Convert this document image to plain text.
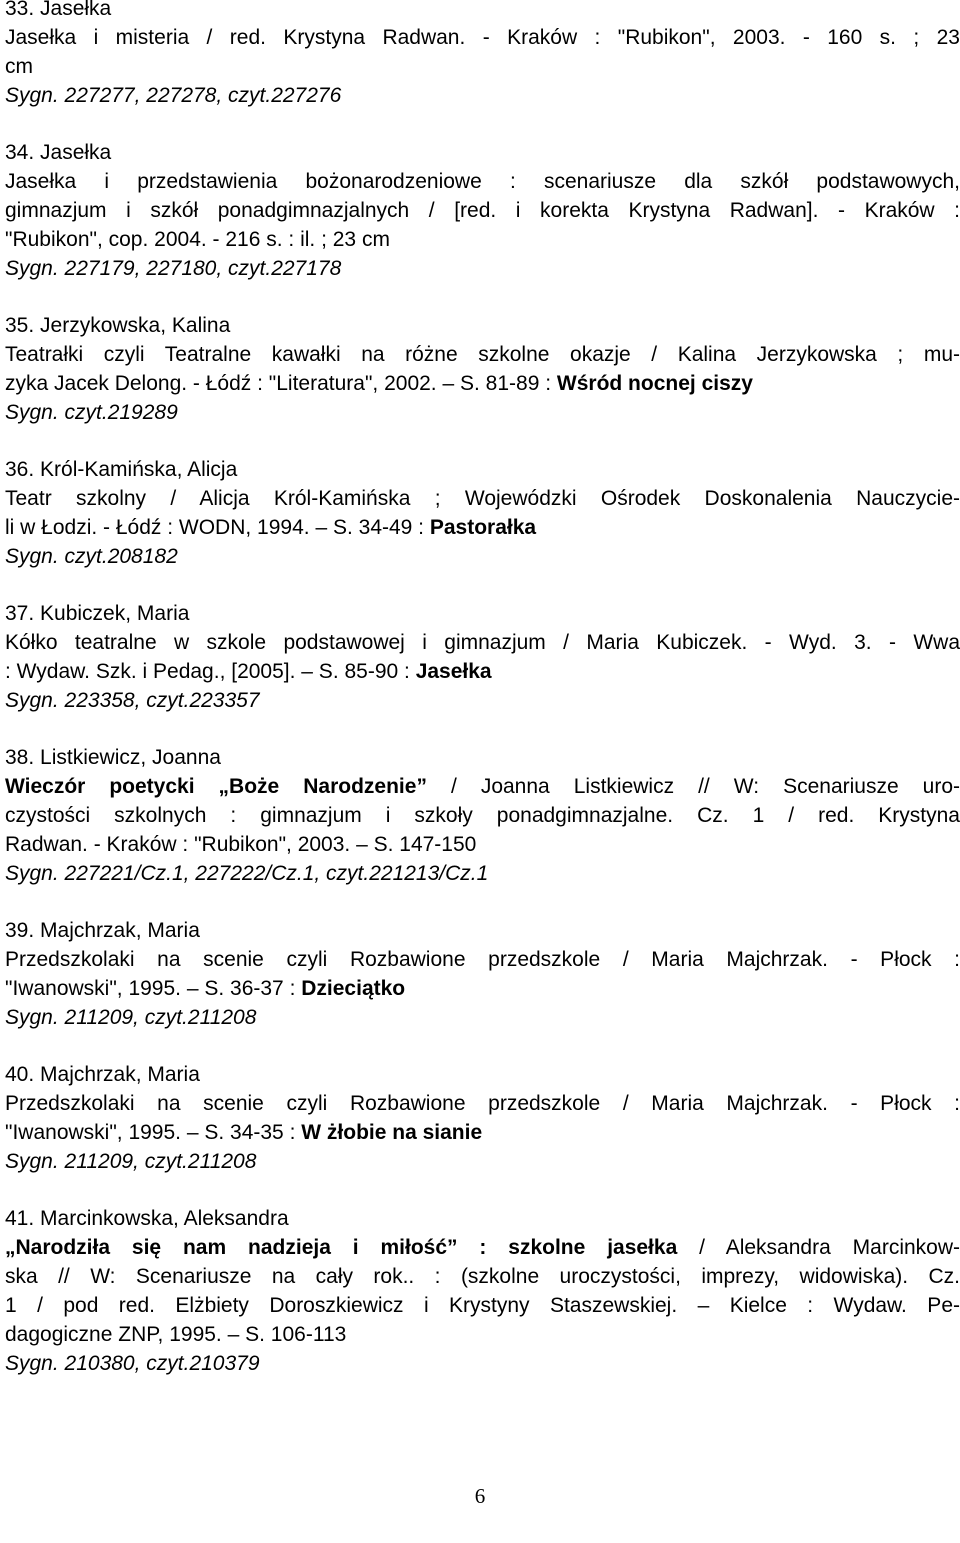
33. Jasełka
Jasełka i misteria / red. Krystyna Radwan. - Kraków : "Rubikon", 2003. - 160 s. ; 23
cm
Sygn. 227277, 227278, czyt.227276
34. Jasełka
Jasełka i przedstawienia bożonarodzeniowe : scenariusze dla szkół podstawowych,
gimnazjum i szkół ponadgimnazjalnych / [red. i korekta Krystyna Radwan]. - Kraków :
"Rubikon", cop. 2004. - 216 s. : il. ; 23 cm
Sygn. 227179, 227180, czyt.227178
35. Jerzykowska, Kalina
Teatrałki czyli Teatralne kawałki na różne szkolne okazje / Kalina Jerzykowska ; mu-
zyka Jacek Delong. - Łódź : "Literatura", 2002. – S. 81-89 : Wśród nocnej ciszy
Sygn. czyt.219289
36. Król-Kamińska, Alicja
Teatr szkolny / Alicja Król-Kamińska ; Wojewódzki Ośrodek Doskonalenia Nauczycie-
li w Łodzi. - Łódź : WODN, 1994. – S. 34-49 : Pastorałka
Sygn. czyt.208182
37. Kubiczek, Maria
Kółko teatralne w szkole podstawowej i gimnazjum / Maria Kubiczek. - Wyd. 3. - Wwa
: Wydaw. Szk. i Pedag., [2005]. – S. 85-90 : Jasełka
Sygn. 223358, czyt.223357
38. Listkiewicz, Joanna
Wieczór poetycki „Boże Narodzenie” / Joanna Listkiewicz // W: Scenariusze uro-
czystości szkolnych : gimnazjum i szkoły ponadgimnazjalne. Cz. 1 / red. Krystyna
Radwan. - Kraków : "Rubikon", 2003. – S. 147-150
Sygn. 227221/Cz.1, 227222/Cz.1, czyt.221213/Cz.1
39. Majchrzak, Maria
Przedszkolaki na scenie czyli Rozbawione przedszkole / Maria Majchrzak. - Płock :
"Iwanowski", 1995. – S. 36-37 : Dzieciątko
Sygn. 211209, czyt.211208
40. Majchrzak, Maria
Przedszkolaki na scenie czyli Rozbawione przedszkole / Maria Majchrzak. - Płock :
"Iwanowski", 1995. – S. 34-35 : W żłobie na sianie
Sygn. 211209, czyt.211208
41. Marcinkowska, Aleksandra
„Narodziła się nam nadzieja i miłość” : szkolne jasełka / Aleksandra Marcinkow-
ska // W: Scenariusze na cały rok.. : (szkolne uroczystości, imprezy, widowiska). Cz.
1 / pod red. Elżbiety Doroszkiewicz i Krystyny Staszewskiej. – Kielce : Wydaw. Pe-
dagogiczne ZNP, 1995. – S. 106-113
Sygn. 210380, czyt.210379
6
